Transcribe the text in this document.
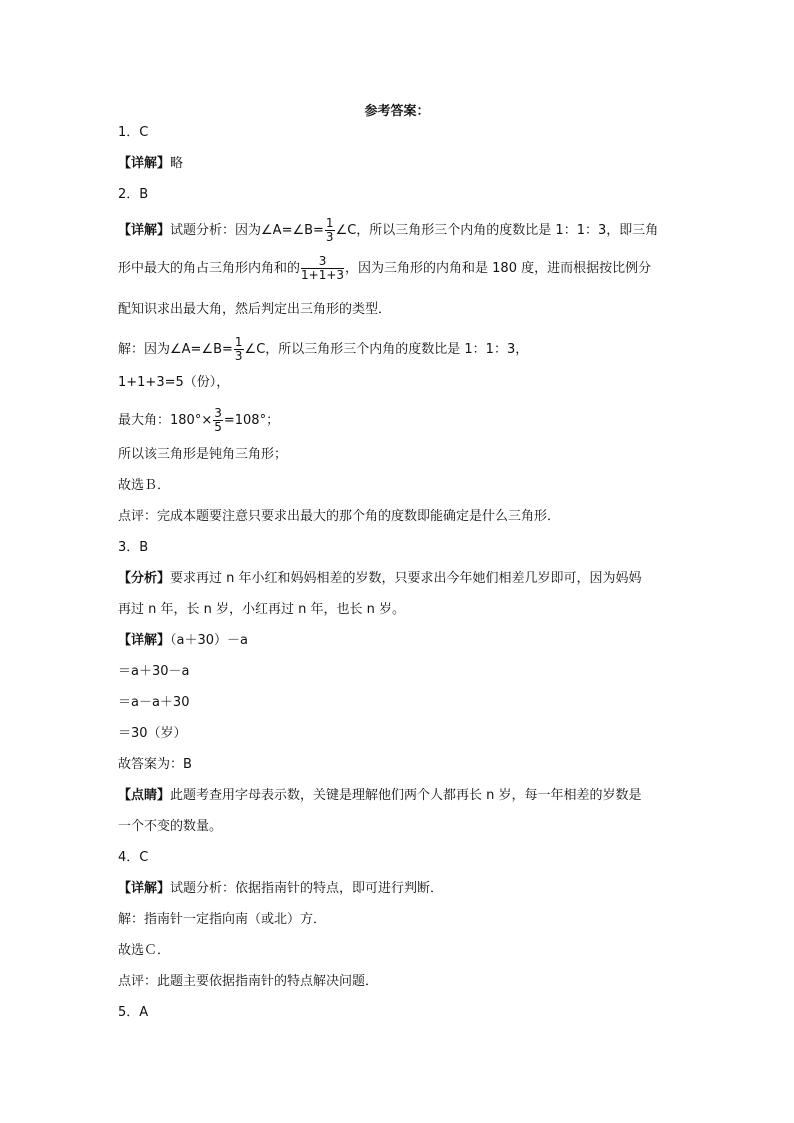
参考答案：
1．C
【详解】略
2．B
【详解】试题分析：因为∠A=∠B= $\frac{1}{3}$ ∠C，所以三角形三个内角的度数比是 1：1：3，即三角
形中最大的角占三角形内角和的 $\frac{3}{1+1+3}$ ，因为三角形的内角和是 180 度，进而根据按比例分
配知识求出最大角，然后判定出三角形的类型．
解：因为∠A=∠B= $\frac{1}{3}$ ∠C，所以三角形三个内角的度数比是 1：1：3，
1+1+3=5（份），
最大角：$180^\circ\times \frac{3}{5} =108^\circ$；
所以该三角形是钝角三角形；
故选Ｂ．
点评：完成本题要注意只要求出最大的那个角的度数即能确定是什么三角形．
3．B
【分析】要求再过 n 年小红和妈妈相差的岁数，只要求出今年她们相差几岁即可，因为妈妈
再过 n 年，长 n 岁，小红再过 n 年，也长 n 岁。
【详解】（a＋30）－a
＝a＋30－a
＝a－a＋30
＝30（岁）
故答案为：B
【点睛】此题考查用字母表示数，关键是理解他们两个人都再长 n 岁，每一年相差的岁数是
一个不变的数量。
4．C
【详解】试题分析：依据指南针的特点，即可进行判断．
解：指南针一定指向南（或北）方．
故选Ｃ．
点评：此题主要依据指南针的特点解决问题．
5．A
